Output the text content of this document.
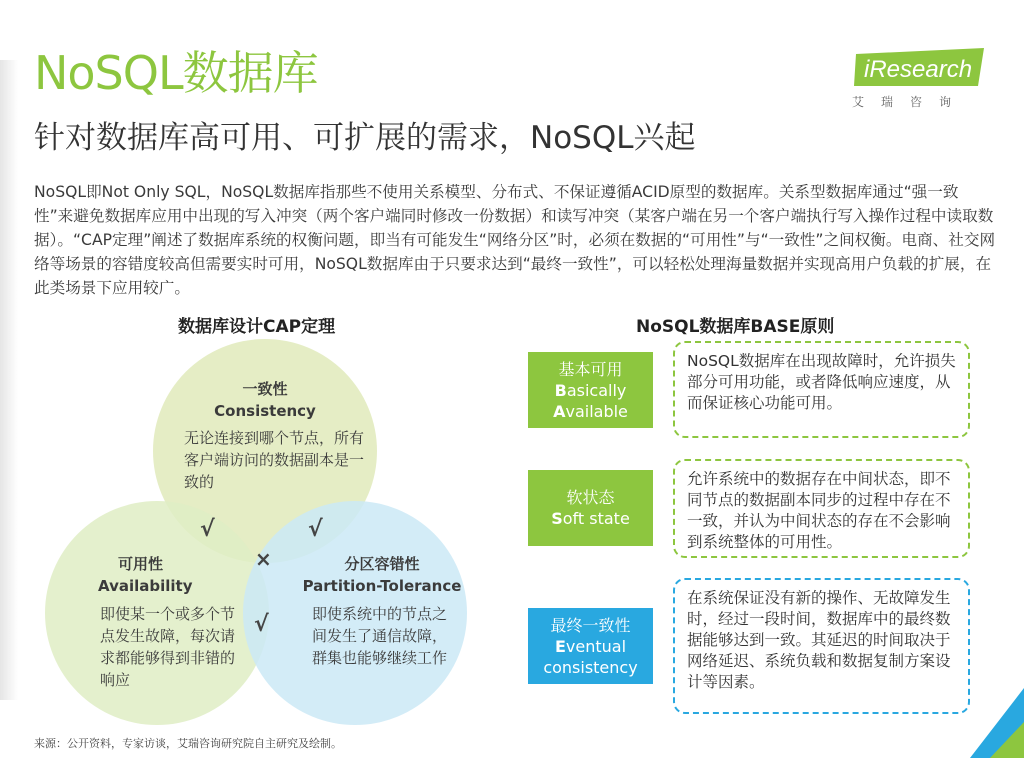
NoSQL数据库
针对数据库高可用、可扩展的需求，NoSQL兴起
iResearch
艾瑞咨询
NoSQL即Not Only SQL，NoSQL数据库指那些不使用关系模型、分布式、不保证遵循ACID原型的数据库。关系型数据库通过“强一致性”来避免数据库应用中出现的写入冲突（两个客户端同时修改一份数据）和读写冲突（某客户端在另一个客户端执行写入操作过程中读取数据）。“CAP定理”阐述了数据库系统的权衡问题，即当有可能发生“网络分区”时，必须在数据的“可用性”与“一致性”之间权衡。电商、社交网络等场景的容错度较高但需要实时可用，NoSQL数据库由于只要求达到“最终一致性”，可以轻松处理海量数据并实现高用户负载的扩展，在此类场景下应用较广。
数据库设计CAP定理
一致性
Consistency
无论连接到哪个节点，所有客户端访问的数据副本是一致的
可用性
Availability
即使某一个或多个节点发生故障，每次请求都能够得到非错的响应
分区容错性
Partition-Tolerance
即使系统中的节点之间发生了通信故障，群集也能够继续工作
√	√
√
×
NoSQL数据库BASE原则
基本可用
Basically
Available
NoSQL数据库在出现故障时，允许损失部分可用功能，或者降低响应速度，从而保证核心功能可用。
软状态
Soft state
允许系统中的数据存在中间状态，即不同节点的数据副本同步的过程中存在不一致，并认为中间状态的存在不会影响到系统整体的可用性。
最终一致性
Eventual
consistency
在系统保证没有新的操作、无故障发生时，经过一段时间，数据库中的最终数据能够达到一致。其延迟的时间取决于网络延迟、系统负载和数据复制方案设计等因素。
来源：公开资料，专家访谈，艾瑞咨询研究院自主研究及绘制。
